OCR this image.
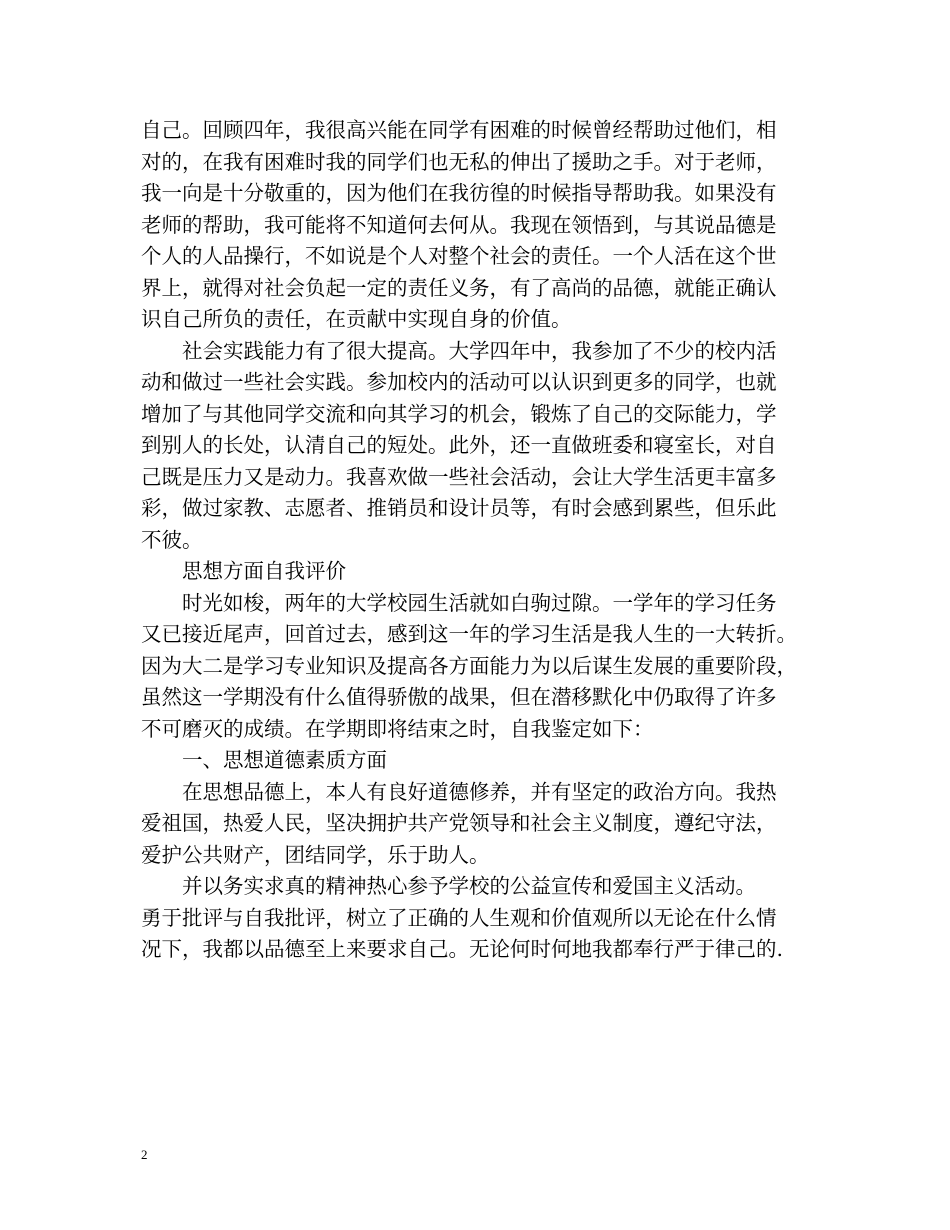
自己。回顾四年，我很高兴能在同学有困难的时候曾经帮助过他们，相
对的，在我有困难时我的同学们也无私的伸出了援助之手。对于老师，
我一向是十分敬重的，因为他们在我彷徨的时候指导帮助我。如果没有
老师的帮助，我可能将不知道何去何从。我现在领悟到，与其说品德是
个人的人品操行，不如说是个人对整个社会的责任。一个人活在这个世
界上，就得对社会负起一定的责任义务，有了高尚的品德，就能正确认
识自己所负的责任，在贡献中实现自身的价值。
社会实践能力有了很大提高。大学四年中，我参加了不少的校内活
动和做过一些社会实践。参加校内的活动可以认识到更多的同学，也就
增加了与其他同学交流和向其学习的机会，锻炼了自己的交际能力，学
到别人的长处，认清自己的短处。此外，还一直做班委和寝室长，对自
己既是压力又是动力。我喜欢做一些社会活动，会让大学生活更丰富多
彩，做过家教、志愿者、推销员和设计员等，有时会感到累些，但乐此
不彼。
思想方面自我评价
时光如梭，两年的大学校园生活就如白驹过隙。一学年的学习任务
又已接近尾声，回首过去，感到这一年的学习生活是我人生的一大转折。
因为大二是学习专业知识及提高各方面能力为以后谋生发展的重要阶段，
虽然这一学期没有什么值得骄傲的战果，但在潜移默化中仍取得了许多
不可磨灭的成绩。在学期即将结束之时，自我鉴定如下：
一、思想道德素质方面
在思想品德上，本人有良好道德修养，并有坚定的政治方向。我热
爱祖国，热爱人民，坚决拥护共产党领导和社会主义制度，遵纪守法，
爱护公共财产，团结同学，乐于助人。
并以务实求真的精神热心参予学校的公益宣传和爱国主义活动。
勇于批评与自我批评，树立了正确的人生观和价值观所以无论在什么情
况下，我都以品德至上来要求自己。无论何时何地我都奉行严于律己的.
2
